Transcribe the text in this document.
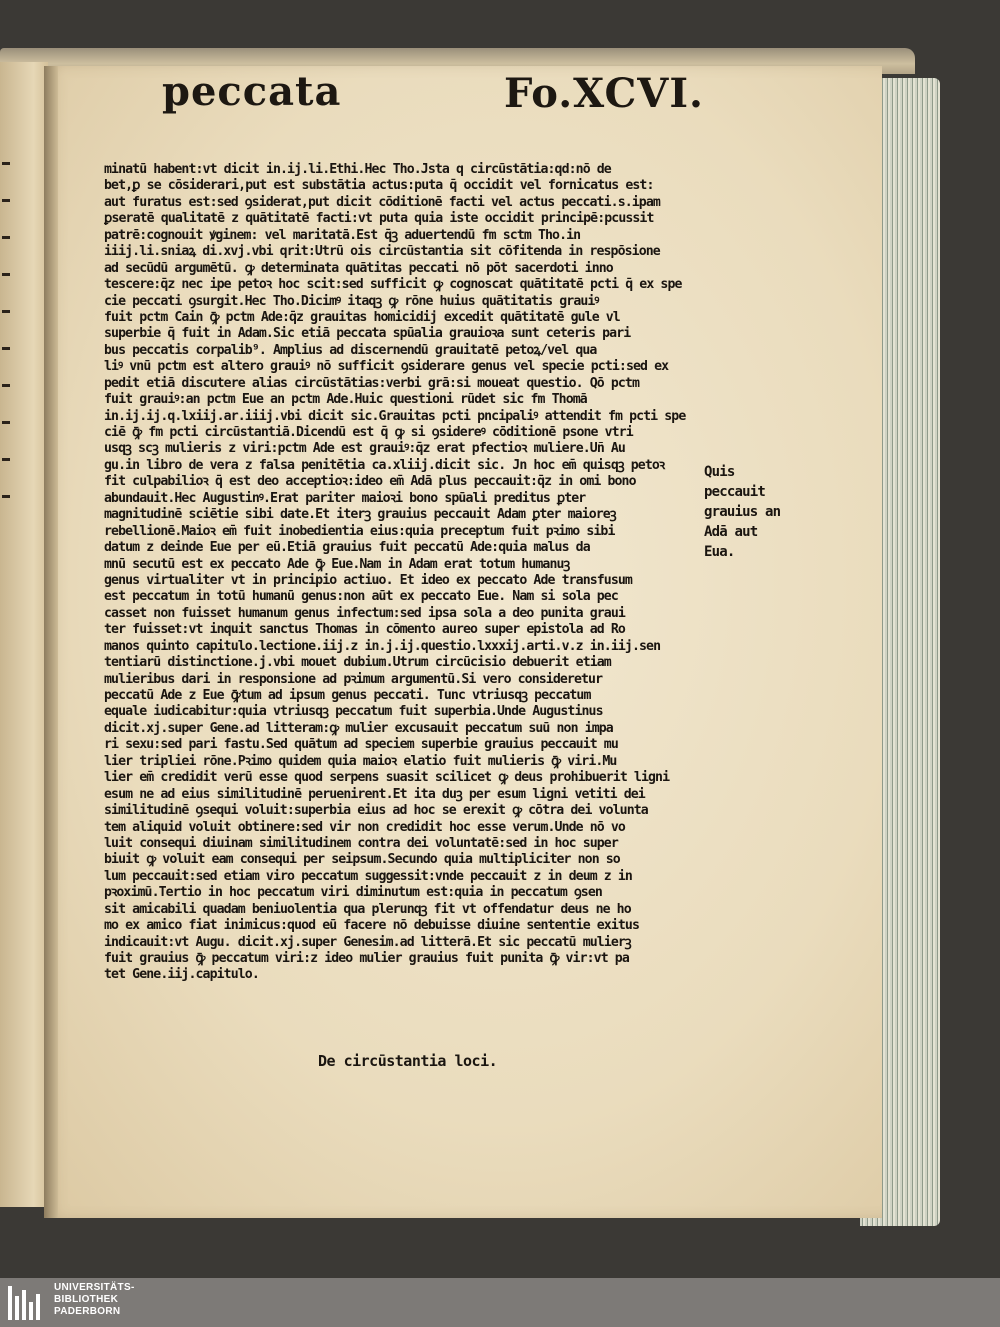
peccata	Fo.XCVI.
minatū habent:vt dicit in.ij.li.Ethi.Hec Tho.Jsta q circūstātia:qd:nō de
bet,ꝑ se cōsiderari,put est substātia actus:puta q̄ occidit vel fornicatus est:
aut furatus est:sed ꝯsiderat,put dicit cōditionē facti vel actus peccati.s.ipam
ꝑseratē qualitatē z quātitatē facti:vt puta quia iste occidit principē:pcussit
patrē:cognouit ꝟginem: vel maritatā.Est q̄ꝫ aduertendū fm sctm Tho.in
iiij.li.sniaꝝ di.xvj.vbi qrit:Utrū ois circūstantia sit cōfitenda in respōsione
ad secūdū argumētū. ꝙ determinata quātitas peccati nō pōt sacerdoti inno
tescere:q̄z nec ipe petoꝛ hoc scit:sed sufficit ꝙ cognoscat quātitatē pcti q̄ ex spe
cie peccati ꝯsurgit.Hec Tho.Dicimꝰ itaqꝫ ꝙ rōne huius quātitatis grauiꝰ
fuit pctm Cain ꝙ̄ pctm Ade:q̄z grauitas homicidij excedit quātitatē gule vl
superbie q̄ fuit in Adam.Sic etiā peccata spūalia grauioꝛa sunt ceteris pari
bus peccatis corpalib⁹. Amplius ad discernendū grauitatē petoꝝ/vel qua
liꝰ vnū pctm est altero grauiꝰ nō sufficit ꝯsiderare genus vel specie pcti:sed ex
pedit etiā discutere alias circūstātias:verbi grā:si moueat questio. Qō pctm
fuit grauiꝰ:an pctm Eue an pctm Ade.Huic questioni rūdet sic fm Thomā
in.ij.ij.q.lxiij.ar.iiij.vbi dicit sic.Grauitas pcti pncipaliꝰ attendit fm pcti spe
ciē ꝙ̄ fm pcti circūstantiā.Dicendū est q̄ ꝙ si ꝯsidereꝰ cōditionē psone vtri
usqꝫ scꝫ mulieris z viri:pctm Ade est grauiꝰ:q̄z erat pfectioꝛ muliere.Uñ Au
gu.in libro de vera z falsa penitētia ca.xliij.dicit sic. Jn hoc em̄ quisqꝫ petoꝛ
fit culpabilioꝛ q̄ est deo acceptioꝛ:ideo em̄ Adā plus peccauit:q̄z in omi bono
abundauit.Hec Augustinꝰ.Erat pariter maioꝛi bono spūali preditus ꝑter
magnitudinē sciētie sibi date.Et iterꝫ grauius peccauit Adam ꝑter maioreꝫ
rebellionē.Maioꝛ em̄ fuit inobedientia eius:quia preceptum fuit pꝛimo sibi
datum z deinde Eue per eū.Etiā grauius fuit peccatū Ade:quia malus da
mnū secutū est ex peccato Ade ꝙ̄ Eue.Nam in Adam erat totum humanuꝫ
genus virtualiter vt in principio actiuo. Et ideo ex peccato Ade transfusum
est peccatum in totū humanū genus:non aūt ex peccato Eue. Nam si sola pec
casset non fuisset humanum genus infectum:sed ipsa sola a deo punita graui
ter fuisset:vt inquit sanctus Thomas in cōmento aureo super epistola ad Ro
manos quinto capitulo.lectione.iij.z in.j.ij.questio.lxxxij.arti.v.z in.iij.sen
tentiarū distinctione.j.vbi mouet dubium.Utrum circūcisio debuerit etiam
mulieribus dari in responsione ad pꝛimum argumentū.Si vero consideretur
peccatū Ade z Eue ꝙ̄tum ad ipsum genus peccati. Tunc vtriusqꝫ peccatum
equale iudicabitur:quia vtriusqꝫ peccatum fuit superbia.Unde Augustinus
dicit.xj.super Gene.ad litteram:ꝙ mulier excusauit peccatum suū non impa
ri sexu:sed pari fastu.Sed quātum ad speciem superbie grauius peccauit mu
lier tripliei rōne.Pꝛimo quidem quia maioꝛ elatio fuit mulieris ꝙ̄ viri.Mu
lier em̄ credidit verū esse quod serpens suasit scilicet ꝙ deus prohibuerit ligni
esum ne ad eius similitudinē peruenirent.Et ita duꝫ per esum ligni vetiti dei
similitudinē ꝯsequi voluit:superbia eius ad hoc se erexit ꝙ cōtra dei volunta
tem aliquid voluit obtinere:sed vir non credidit hoc esse verum.Unde nō vo
luit consequi diuinam similitudinem contra dei voluntatē:sed in hoc super
biuit ꝙ voluit eam consequi per seipsum.Secundo quia multipliciter non so
lum peccauit:sed etiam viro peccatum suggessit:vnde peccauit z in deum z in
pꝛoximū.Tertio in hoc peccatum viri diminutum est:quia in peccatum ꝯsen
sit amicabili quadam beniuolentia qua plerunqꝫ fit vt offendatur deus ne ho
mo ex amico fiat inimicus:quod eū facere nō debuisse diuine sententie exitus
indicauit:vt Augu. dicit.xj.super Genesim.ad litterā.Et sic peccatū mulierꝫ
fuit grauius ꝙ̄ peccatum viri:z ideo mulier grauius fuit punita ꝙ̄ vir:vt pa
tet Gene.iij.capitulo.
Quis
peccauit
grauius an
Adā aut
Eua.
De circūstantia loci.
UNIVERSITÄTS-
BIBLIOTHEK
PADERBORN
